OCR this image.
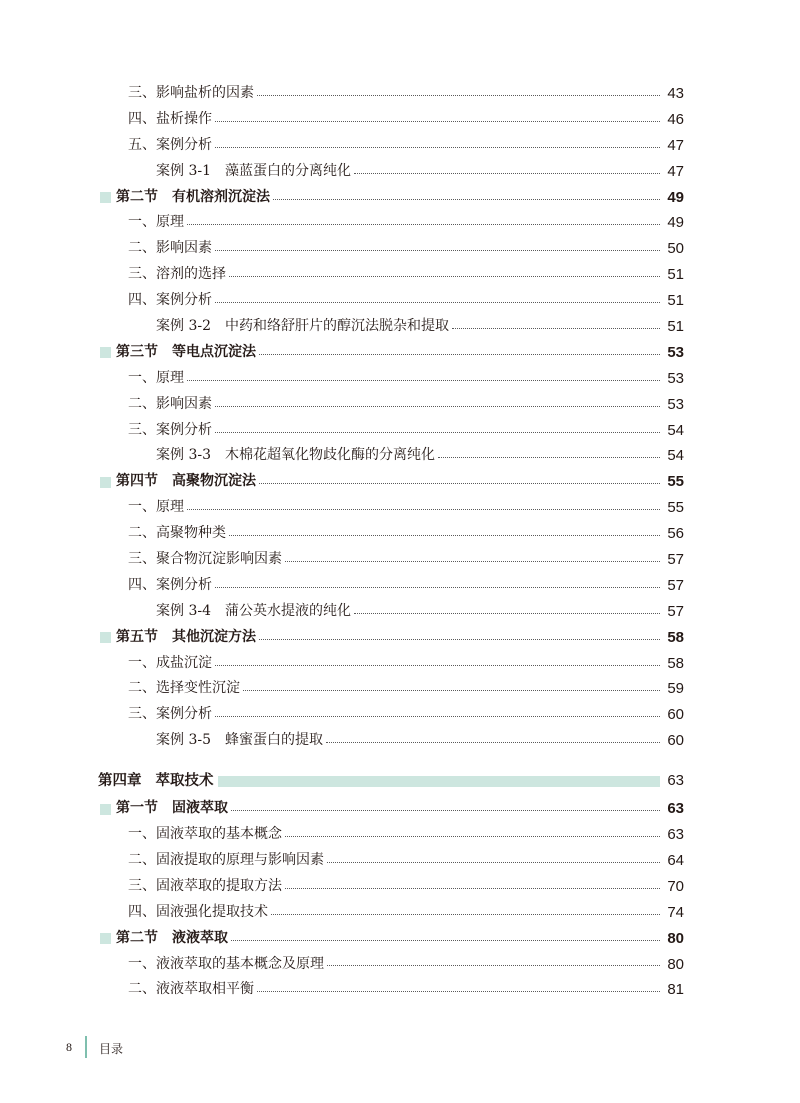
三、影响盐析的因素	43
四、盐析操作	46
五、案例分析	47
案例 3-1 藻蓝蛋白的分离纯化	47
第二节 有机溶剂沉淀法	49
一、原理	49
二、影响因素	50
三、溶剂的选择	51
四、案例分析	51
案例 3-2 中药和络舒肝片的醇沉法脱杂和提取	51
第三节 等电点沉淀法	53
一、原理	53
二、影响因素	53
三、案例分析	54
案例 3-3 木棉花超氧化物歧化酶的分离纯化	54
第四节 高聚物沉淀法	55
一、原理	55
二、高聚物种类	56
三、聚合物沉淀影响因素	57
四、案例分析	57
案例 3-4 蒲公英水提液的纯化	57
第五节 其他沉淀方法	58
一、成盐沉淀	58
二、选择变性沉淀	59
三、案例分析	60
案例 3-5 蜂蜜蛋白的提取	60
第四章 萃取技术	63
第一节 固液萃取	63
一、固液萃取的基本概念	63
二、固液提取的原理与影响因素	64
三、固液萃取的提取方法	70
四、固液强化提取技术	74
第二节 液液萃取	80
一、液液萃取的基本概念及原理	80
二、液液萃取相平衡	81
8 目录
